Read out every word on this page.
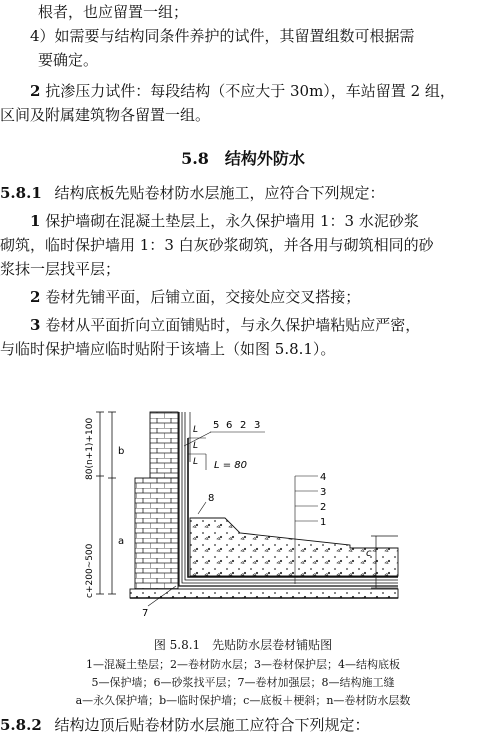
根者，也应留置一组；
4）如需要与结构同条件养护的试件，其留置组数可根据需
要确定。
2 抗渗压力试件：每段结构（不应大于 30m），车站留置 2 组，
区间及附属建筑物各留置一组。
5.8　结构外防水
5.8.1 结构底板先贴卷材防水层施工，应符合下列规定：
1 保护墙砌在混凝土垫层上，永久保护墙用 1：3 水泥砂浆
砌筑，临时保护墙用 1：3 白灰砂浆砌筑，并各用与砌筑相同的砂
浆抹一层找平层；
2 卷材先铺平面，后铺立面，交接处应交叉搭接；
3 卷材从平面折向立面铺贴时，与永久保护墙粘贴应严密，
与临时保护墙应临时贴附于该墙上（如图 5.8.1）。
80(n+1)+100
c+200~500
b
a
L
L
L L = 80
5 6 2 3
4
3
2
1
8
7
c
图 5.8.1　先贴防水层卷材铺贴图
1—混凝土垫层；2—卷材防水层；3—卷材保护层；4—结构底板
5—保护墙；6—砂浆找平层；7—卷材加强层；8—结构施工缝
a—永久保护墙；b—临时保护墙；c—底板＋梗斜；n—卷材防水层数
5.8.2 结构边顶后贴卷材防水层施工应符合下列规定：
